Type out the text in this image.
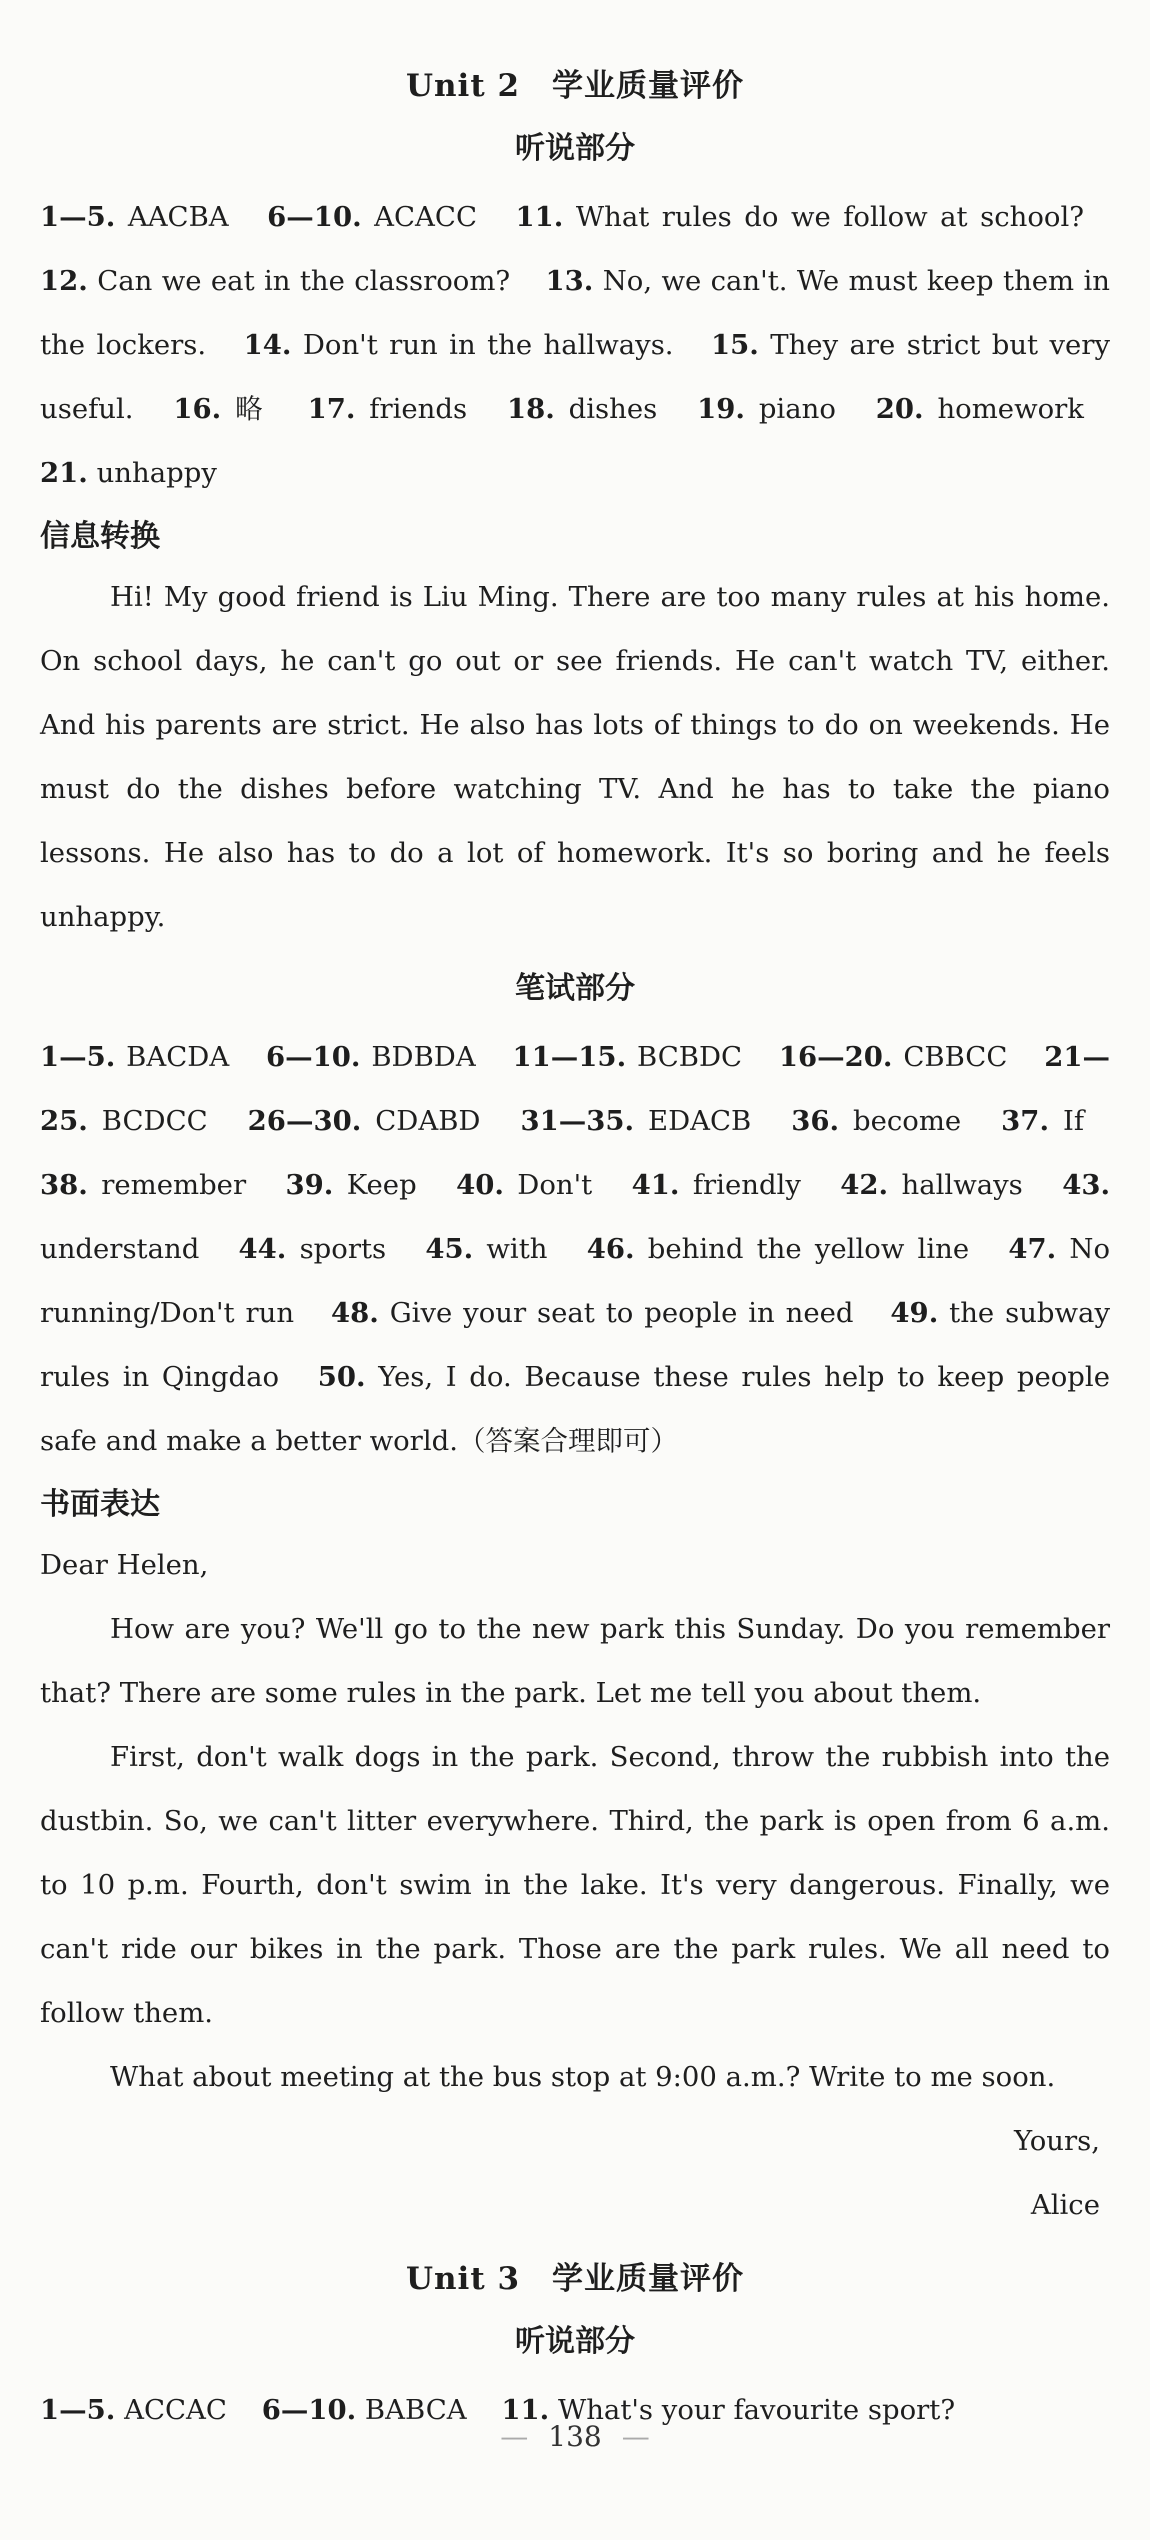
Unit 2　学业质量评价
听说部分

1—5. AACBA 6—10. ACACC 11. What rules do we follow at school? 12. Can we eat in the classroom? 13. No, we can't. We must keep them in the lockers. 14. Don't run in the hallways. 15. They are strict but very useful. 16. 略 17. friends 18. dishes 19. piano 20. homework 21. unhappy

信息转换

Hi! My good friend is Liu Ming. There are too many rules at his home. On school days, he can't go out or see friends. He can't watch TV, either. And his parents are strict. He also has lots of things to do on weekends. He must do the dishes before watching TV. And he has to take the piano lessons. He also has to do a lot of homework. It's so boring and he feels unhappy.

笔试部分

1—5. BACDA 6—10. BDBDA 11—15. BCBDC 16—20. CBBCC 21—25. BCDCC 26—30. CDABD 31—35. EDACB 36. become 37. If 38. remember 39. Keep 40. Don't 41. friendly 42. hallways 43. understand 44. sports 45. with 46. behind the yellow line 47. No running/Don't run 48. Give your seat to people in need 49. the subway rules in Qingdao 50. Yes, I do. Because these rules help to keep people safe and make a better world.（答案合理即可）

书面表达

Dear Helen,

How are you? We'll go to the new park this Sunday. Do you remember that? There are some rules in the park. Let me tell you about them.

First, don't walk dogs in the park. Second, throw the rubbish into the dustbin. So, we can't litter everywhere. Third, the park is open from 6 a.m. to 10 p.m. Fourth, don't swim in the lake. It's very dangerous. Finally, we can't ride our bikes in the park. Those are the park rules. We all need to follow them.

What about meeting at the bus stop at 9:00 a.m.? Write to me soon.

Yours,

Alice

Unit 3　学业质量评价
听说部分

1—5. ACCAC 6—10. BABCA 11. What's your favourite sport?

— 138 —
